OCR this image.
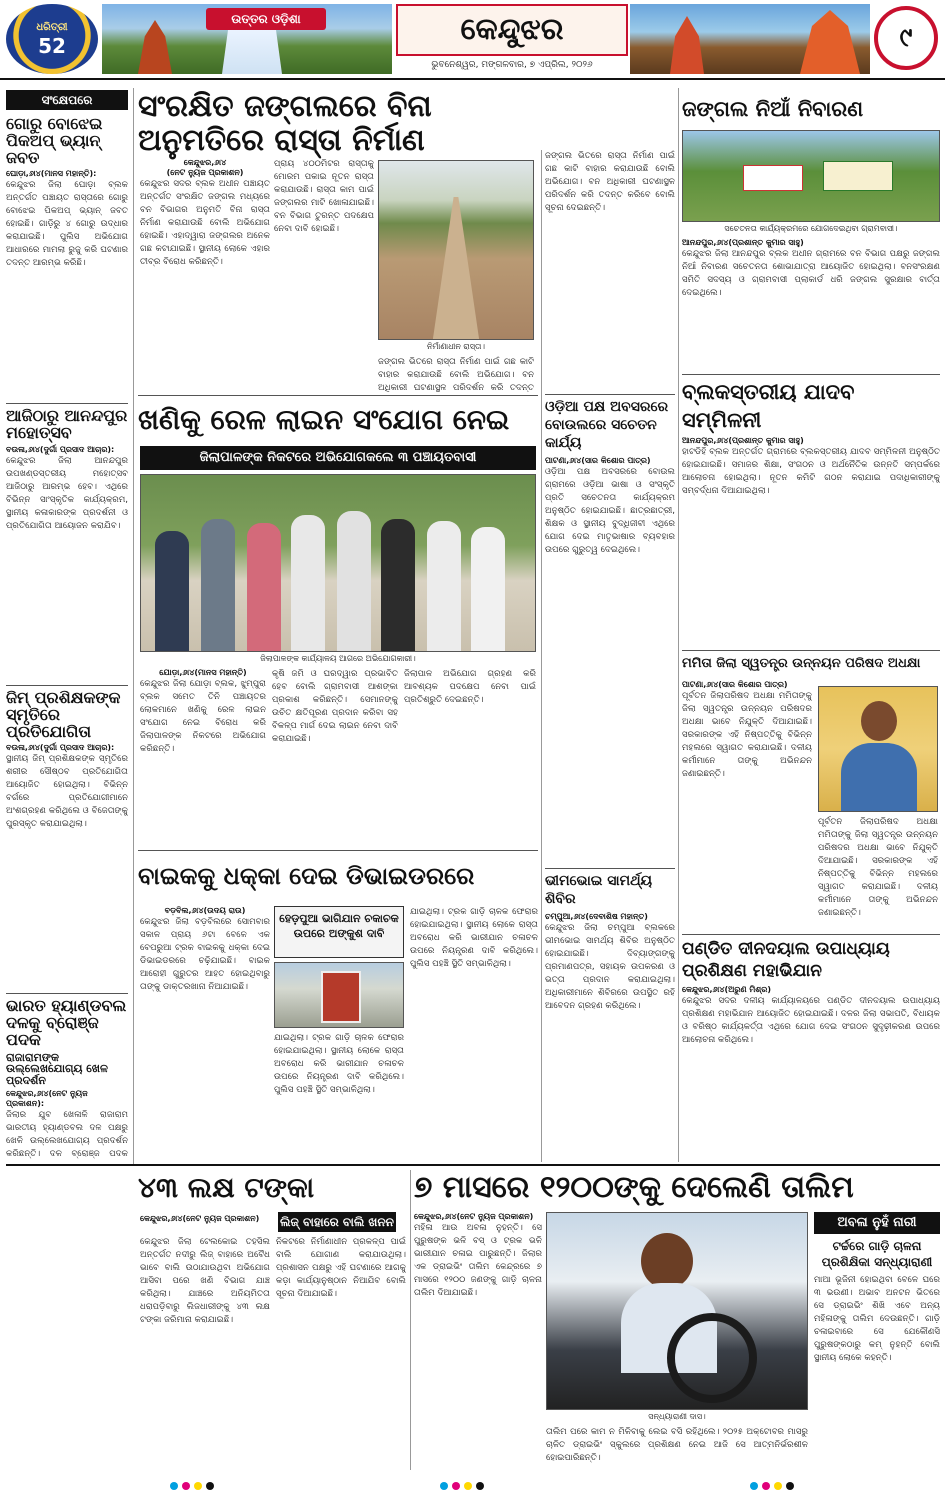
ଧରିତ୍ରୀ
52
ଉତ୍ତର ଓଡ଼ିଶା	କେନ୍ଦୁଝର
ଭୁବନେଶ୍ୱର, ମଙ୍ଗଳବାର, ୭ ଏପ୍ରିଲ, ୨୦୨୬
୯
ସଂକ୍ଷେପରେ
ଗୋରୁ ବୋଝେଇ ପିକଅପ୍ ଭ୍ୟାନ୍ ଜବତ
ଘୋଡ଼ା,୬ା୪(ମାନସ ମହାନ୍ତି):
କେନ୍ଦୁଝର ଜିଲା ଘୋଡ଼ା ବ୍ଲକ ଅନ୍ତର୍ଗତ ପଞ୍ଚାୟତ ରାସ୍ତାରେ ଗୋରୁ ବୋଝେଇ ପିକଅପ୍ ଭ୍ୟାନ୍ ଜବତ ହୋଇଛି। ଗାଡ଼ିରୁ ୪ ଗୋରୁ ଉଦ୍ଧାର କରାଯାଇଛି। ପୁଲିସ ଅଭିଯୋଗ ଆଧାରରେ ମାମଲା ରୁଜୁ କରି ଘଟଣାର ତଦନ୍ତ ଆରମ୍ଭ କରିଛି।
ଆଜିଠାରୁ ଆନନ୍ଦପୁର ମହୋତ୍ସବ
ବଉଳା,୬ା୪(ଦୁର୍ଗା ପ୍ରସାଦ ଆଚାର):
କେନ୍ଦୁଝର ଜିଲା ଆନନ୍ଦପୁର ଉପଖଣ୍ଡସ୍ତରୀୟ ମହୋତ୍ସବ ଆଜିଠାରୁ ଆରମ୍ଭ ହେବ। ଏଥିରେ ବିଭିନ୍ନ ସାଂସ୍କୃତିକ କାର୍ଯ୍ୟକ୍ରମ, ସ୍ଥାନୀୟ କଳାକାରଙ୍କ ପ୍ରଦର୍ଶନୀ ଓ ପ୍ରତିଯୋଗିତା ଆୟୋଜନ କରାଯିବ।
ଜିମ୍ ପ୍ରଶିକ୍ଷକଙ୍କ ସ୍ମୃତିରେ ପ୍ରତିଯୋଗିତା
ବଉଳା,୬ା୪(ଦୁର୍ଗା ପ୍ରସାଦ ଆଚାର):
ସ୍ଥାନୀୟ ଜିମ୍ ପ୍ରଶିକ୍ଷକଙ୍କ ସ୍ମୃତିରେ ଶରୀର ସୌଷ୍ଠବ ପ୍ରତିଯୋଗିତା ଆୟୋଜିତ ହୋଇଥିଲା। ବିଭିନ୍ନ ବର୍ଗରେ ପ୍ରତିଯୋଗୀମାନେ ଅଂଶଗ୍ରହଣ କରିଥିଲେ ଓ ବିଜେତାଙ୍କୁ ପୁରସ୍କୃତ କରାଯାଇଥିଲା।
ଭାରତ ହ୍ୟାଣ୍ଡବଲ ଦଳକୁ ବ୍ରୋଞ୍ଜ ପଦକ
ରାଜାରାମଙ୍କ ଉଲ୍ଲେଖଯୋଗ୍ୟ ଖେଳ ପ୍ରଦର୍ଶନ
କେନ୍ଦୁଝର,୬ା୪(ନେଟ ନ୍ୟୁଜ ପ୍ରକାଶନ):
ଜିଲାର ଯୁବ ଖେଳାଳି ରାଜାରାମ ଭାରତୀୟ ହ୍ୟାଣ୍ଡବଲ ଦଳ ପକ୍ଷରୁ ଖେଳି ଉଲ୍ଲେଖଯୋଗ୍ୟ ପ୍ରଦର୍ଶନ କରିଛନ୍ତି। ଦଳ ବ୍ରୋଞ୍ଜ ପଦକ
ସଂରକ୍ଷିତ ଜଙ୍ଗଲରେ ବିନା ଅନୁମତିରେ ରାସ୍ତା ନିର୍ମାଣ
କେନ୍ଦୁଝର,୬ା୪
(ନେଟ ନ୍ୟୁଜ ପ୍ରକାଶନ)
କେନ୍ଦୁଝର ସଦର ବ୍ଲକ ଅଧୀନ ପଞ୍ଚାୟତ ଅନ୍ତର୍ଗତ ସଂରକ୍ଷିତ ଜଙ୍ଗଲ ମଧ୍ୟରେ ବନ ବିଭାଗର ଅନୁମତି ବିନା ରାସ୍ତା ନିର୍ମାଣ କରାଯାଉଛି ବୋଲି ଅଭିଯୋଗ ହୋଇଛି। ଏହାଦ୍ୱାରା ଜଙ୍ଗଲର ଅନେକ ଗଛ କଟାଯାଇଛି। ସ୍ଥାନୀୟ ଲୋକେ ଏହାର ତୀବ୍ର ବିରୋଧ କରିଛନ୍ତି।
ପ୍ରାୟ ୪୦୦ମିଟର ରାସ୍ତାକୁ ମୋରମ ପକାଇ ନୂତନ ରାସ୍ତା କରାଯାଉଛି। ରାସ୍ତା କାମ ପାଇଁ ଜଙ୍ଗଲର ମାଟି ଖୋଳାଯାଇଛି। ବନ ବିଭାଗ ତୁରନ୍ତ ପଦକ୍ଷେପ ନେବା ଦାବି ହୋଇଛି।
ନିର୍ମାଣାଧୀନ ରାସ୍ତା।
ଜଙ୍ଗଲ ଭିତରେ ରାସ୍ତା ନିର୍ମାଣ ପାଇଁ ଗଛ କାଟି ବାହାର କରାଯାଉଛି ବୋଲି ଅଭିଯୋଗ। ବନ ଅଧିକାରୀ ଘଟଣାସ୍ଥଳ ପରିଦର୍ଶନ କରି ତଦନ୍ତ
ଖଣିକୁ ରେଳ ଲାଇନ ସଂଯୋଗ ନେଇ
ଜିଲାପାଳଙ୍କ ନିକଟରେ ଅଭିଯୋଗକଲେ ୩ ପଞ୍ଚାୟତବାସୀ
ଜିଲାପାଳଙ୍କ କାର୍ଯ୍ୟାଳୟ ଆଗରେ ଅଭିଯୋଗକାରୀ।
ଯୋଡ଼ା,୬ା୪(ମାନସ ମହାନ୍ତି)
କେନ୍ଦୁଝର ଜିଲା ଯୋଡ଼ା ବ୍ଲକ, ଝୁମ୍ପୁରା ବ୍ଲକ ସମେତ ତିନି ପଞ୍ଚାୟତର ଲୋକମାନେ ଖଣିକୁ ରେଳ ଲାଇନ ସଂଯୋଗ ନେଇ ବିରୋଧ କରି ଜିଲାପାଳଙ୍କ ନିକଟରେ ଅଭିଯୋଗ କରିଛନ୍ତି।
କୃଷି ଜମି ଓ ଘରଦ୍ୱାର ପ୍ରଭାବିତ ହେବ ବୋଲି ଗ୍ରାମବାସୀ ଆଶଙ୍କା ପ୍ରକାଶ କରିଛନ୍ତି। ସେମାନଙ୍କୁ ଉଚିତ କ୍ଷତିପୂରଣ ପ୍ରଦାନ କରିବା ସହ ବିକଳ୍ପ ମାର୍ଗ ଦେଇ ଲାଇନ ନେବା ଦାବି କରାଯାଇଛି।
ଜିଲାପାଳ ଅଭିଯୋଗ ଗ୍ରହଣ କରି ଆବଶ୍ୟକ ପଦକ୍ଷେପ ନେବା ପାଇଁ ପ୍ରତିଶ୍ରୁତି ଦେଇଛନ୍ତି।
ବାଇକକୁ ଧକ୍କା ଦେଇ ଡିଭାଇଡରରେ
ବଡ଼ବିଲ,୬ା୪(ଉଦୟ ରାଉ)
କେନ୍ଦୁଝର ଜିଲା ବଡ଼ବିଲରେ ସୋମବାର ସକାଳ ପ୍ରାୟ ୬ଟା ବେଳେ ଏକ ବେପରୁଆ ଟ୍ରକ ବାଇକକୁ ଧକ୍କା ଦେଇ ଡିଭାଇଡରରେ ଚଢ଼ିଯାଇଛି। ବାଇକ ଆରୋହୀ ଗୁରୁତର ଆହତ ହୋଇଥିବାରୁ ତାଙ୍କୁ ଡାକ୍ତରଖାନା ନିଆଯାଇଛି।
ହେଡ଼ପୁଆ ଭାଗିଯାନ ଚକାଚକ ଉପରେ ଅଙ୍କୁଶ ଦାବି
ଯାଇଥିଲା। ଟ୍ରକ ଗାଡ଼ି ଚାଳକ ଫେରାର ହୋଇଯାଇଥିଲା। ସ୍ଥାନୀୟ ଲୋକେ ରାସ୍ତା ଅବରୋଧ କରି ଭାରୀଯାନ ଚଳାଚଳ ଉପରେ ନିୟନ୍ତ୍ରଣ ଦାବି କରିଥିଲେ। ପୁଲିସ ପହଞ୍ଚି ସ୍ଥିତି ସମ୍ଭାଳିଥିଲା।
ଜଙ୍ଗଲ ଭିତରେ ରାସ୍ତା ନିର୍ମାଣ ପାଇଁ ଗଛ କାଟି ବାହାର କରାଯାଉଛି ବୋଲି ଅଭିଯୋଗ। ବନ ଅଧିକାରୀ ଘଟଣାସ୍ଥଳ ପରିଦର୍ଶନ କରି ତଦନ୍ତ କରିବେ ବୋଲି ସୂଚନା ଦେଇଛନ୍ତି।
ଓଡ଼ିଆ ପକ୍ଷ ଅବସରରେ ବୋଉଲରେ ସଚେତନ କାର୍ଯ୍ୟ
ପାଟଣା,୬ା୪(ସାର କିଶୋର ପାତ୍ର)
ଓଡ଼ିଆ ପକ୍ଷ ଅବସରରେ ବୋଉଲ ଗ୍ରାମରେ ଓଡ଼ିଆ ଭାଷା ଓ ସଂସ୍କୃତି ପ୍ରତି ସଚେତନତା କାର୍ଯ୍ୟକ୍ରମ ଅନୁଷ୍ଠିତ ହୋଇଯାଇଛି। ଛାତ୍ରଛାତ୍ରୀ, ଶିକ୍ଷକ ଓ ସ୍ଥାନୀୟ ବୁଦ୍ଧିଜୀବୀ ଏଥିରେ ଯୋଗ ଦେଇ ମାତୃଭାଷାର ବ୍ୟବହାର ଉପରେ ଗୁରୁତ୍ୱ ଦେଇଥିଲେ।
ଯାଇଥିଲା। ଟ୍ରକ ଗାଡ଼ି ଚାଳକ ଫେରାର ହୋଇଯାଇଥିଲା। ସ୍ଥାନୀୟ ଲୋକେ ରାସ୍ତା ଅବରୋଧ କରି ଭାରୀଯାନ ଚଳାଚଳ ଉପରେ ନିୟନ୍ତ୍ରଣ ଦାବି କରିଥିଲେ। ପୁଲିସ ପହଞ୍ଚି ସ୍ଥିତି ସମ୍ଭାଳିଥିଲା।
ଭୀମଭୋଇ ସାମର୍ଥ୍ୟ ଶିବିର
ଚମ୍ପୁଆ,୬ା୪(ଦେବାଶିଷ ମହାନ୍ତ)
କେନ୍ଦୁଝର ଜିଲା ଚମ୍ପୁଆ ବ୍ଲକରେ ଭୀମଭୋଇ ସାମର୍ଥ୍ୟ ଶିବିର ଅନୁଷ୍ଠିତ ହୋଇଯାଇଛି। ଦିବ୍ୟାଙ୍ଗଙ୍କୁ ପ୍ରମାଣପତ୍ର, ସହାୟକ ଉପକରଣ ଓ ଭତ୍ତା ପ୍ରଦାନ କରାଯାଇଥିଲା। ଅଧିକାରୀମାନେ ଶିବିରରେ ଉପସ୍ଥିତ ରହି ଆବେଦନ ଗ୍ରହଣ କରିଥିଲେ।
ଜଙ୍ଗଲ ନିଆଁ ନିବାରଣ
ସଚେତନତା କାର୍ଯ୍ୟକ୍ରମରେ ଯୋଗଦେଇଥିବା ଗ୍ରାମବାସୀ।
ଆନନ୍ଦପୁର,୬ା୪(ପ୍ରଶାନ୍ତ କୁମାର ସାହୁ)
କେନ୍ଦୁଝର ଜିଲା ଆନନ୍ଦପୁର ବ୍ଲକ ଅଧୀନ ଗ୍ରାମରେ ବନ ବିଭାଗ ପକ୍ଷରୁ ଜଙ୍ଗଲ ନିଆଁ ନିବାରଣ ସଚେତନତା ଶୋଭାଯାତ୍ରା ଆୟୋଜିତ ହୋଇଥିଲା। ବନସଂରକ୍ଷଣ ସମିତି ସଦସ୍ୟ ଓ ଗ୍ରାମବାସୀ ପ୍ଲାକାର୍ଡ ଧରି ଜଙ୍ଗଲ ସୁରକ୍ଷାର ବାର୍ତ୍ତା ଦେଇଥିଲେ।
ବ୍ଲକସ୍ତରୀୟ ଯାଦବ ସମ୍ମିଳନୀ
ଆନନ୍ଦପୁର,୬ା୪(ପ୍ରଶାନ୍ତ କୁମାର ସାହୁ)
ହାଟଡିହି ବ୍ଲକ ଅନ୍ତର୍ଗତ ଗ୍ରାମରେ ବ୍ଲକସ୍ତରୀୟ ଯାଦବ ସମ୍ମିଳନୀ ଅନୁଷ୍ଠିତ ହୋଇଯାଇଛି। ସମାଜର ଶିକ୍ଷା, ସଂଗଠନ ଓ ଅର୍ଥନୈତିକ ଉନ୍ନତି ସମ୍ପର୍କରେ ଆଲୋଚନା ହୋଇଥିଲା। ନୂତନ କମିଟି ଗଠନ କରାଯାଇ ପଦାଧିକାରୀଙ୍କୁ ସମ୍ବର୍ଦ୍ଧନା ଦିଆଯାଇଥିଲା।
ମମିତା ଜିଲା ସ୍ୱତନ୍ତ୍ର ଉନ୍ନୟନ ପରିଷଦ ଅଧକ୍ଷା
ପାଟଣା,୬ା୪(ସାର କିଶୋର ପାତ୍ର)
ପୂର୍ବତନ ଜିଲାପରିଷଦ ଅଧକ୍ଷା ମମିତାଙ୍କୁ ଜିଲା ସ୍ୱତନ୍ତ୍ର ଉନ୍ନୟନ ପରିଷଦର ଅଧକ୍ଷା ଭାବେ ନିଯୁକ୍ତି ଦିଆଯାଇଛି। ସରକାରଙ୍କ ଏହି ନିଷ୍ପତ୍ତିକୁ ବିଭିନ୍ନ ମହଲରେ ସ୍ୱାଗତ କରାଯାଇଛି। ଦଳୀୟ କର୍ମୀମାନେ ତାଙ୍କୁ ଅଭିନନ୍ଦନ ଜଣାଇଛନ୍ତି।
ପୂର୍ବତନ ଜିଲାପରିଷଦ ଅଧକ୍ଷା ମମିତାଙ୍କୁ ଜିଲା ସ୍ୱତନ୍ତ୍ର ଉନ୍ନୟନ ପରିଷଦର ଅଧକ୍ଷା ଭାବେ ନିଯୁକ୍ତି ଦିଆଯାଇଛି। ସରକାରଙ୍କ ଏହି ନିଷ୍ପତ୍ତିକୁ ବିଭିନ୍ନ ମହଲରେ ସ୍ୱାଗତ କରାଯାଇଛି। ଦଳୀୟ କର୍ମୀମାନେ ତାଙ୍କୁ ଅଭିନନ୍ଦନ ଜଣାଇଛନ୍ତି।
ପଣ୍ଡିତ ଦୀନଦୟାଲ ଉପାଧ୍ୟାୟ ପ୍ରଶିକ୍ଷଣ ମହାଭିଯାନ
କେନ୍ଦୁଝର,୬ା୪(ଅରୁଣ ମିଶ୍ର)
କେନ୍ଦୁଝର ସଦର ଦଳୀୟ କାର୍ଯ୍ୟାଳୟରେ ପଣ୍ଡିତ ଦୀନଦୟାଲ ଉପାଧ୍ୟାୟ ପ୍ରଶିକ୍ଷଣ ମହାଭିଯାନ ଆୟୋଜିତ ହୋଇଯାଇଛି। ଦଳର ଜିଲା ସଭାପତି, ବିଧାୟକ ଓ ବରିଷ୍ଠ କାର୍ଯ୍ୟକର୍ତ୍ତା ଏଥିରେ ଯୋଗ ଦେଇ ସଂଗଠନ ସୁଦୃଢ଼ୀକରଣ ଉପରେ ଆଲୋଚନା କରିଥିଲେ।
୪୩ ଲକ୍ଷ ଟଙ୍କା
କେନ୍ଦୁଝର,୬ା୪(ନେଟ ନ୍ୟୁଜ ପ୍ରକାଶନ)	ଲିଜ୍ ବାହାରେ ବାଲି ଖନନ
କେନ୍ଦୁଝର ଜିଲା ଟେଲକୋଇ ତହସିଲ ଅନ୍ତର୍ଗତ ନଦୀରୁ ଲିଜ୍ ବାହାରେ ଅବୈଧ ଭାବେ ବାଲି ଉଠାଯାଉଥିବା ଅଭିଯୋଗ ଆସିବା ପରେ ଖଣି ବିଭାଗ ଯାଞ୍ଚ କରିଥିଲା। ଯାଞ୍ଚରେ ଅନିୟମିତତା ଧରାପଡ଼ିବାରୁ ଲିଜଧାରୀଙ୍କୁ ୪୩ ଲକ୍ଷ ଟଙ୍କା ଜରିମାନା କରାଯାଇଛି।
ନିକଟରେ ନିର୍ମାଣାଧୀନ ପ୍ରକଳ୍ପ ପାଇଁ ବାଲି ଯୋଗାଣ କରାଯାଉଥିଲା। ପ୍ରଶାସନ ପକ୍ଷରୁ ଏହି ଘଟଣାରେ ଆଗକୁ କଡ଼ା କାର୍ଯ୍ୟାନୁଷ୍ଠାନ ନିଆଯିବ ବୋଲି ସୂଚନା ଦିଆଯାଇଛି।
୭ ମାସରେ ୧୨୦୦ଙ୍କୁ ଦେଲେଣି ତାଲିମ
କେନ୍ଦୁଝର,୬ା୪(ନେଟ ନ୍ୟୁଜ ପ୍ରକାଶନ)
ମହିଳା ଆଉ ଅବଳା ନୁହନ୍ତି। ସେ ପୁରୁଷଙ୍କ ଭଳି ବସ୍ ଓ ଟ୍ରକ ଭଳି ଭାରୀଯାନ ଚଳାଇ ପାରୁଛନ୍ତି। ଜିଲାର ଏକ ଡ୍ରାଇଭିଂ ତାଲିମ କେନ୍ଦ୍ରରେ ୭ ମାସରେ ୧୨୦୦ ଜଣଙ୍କୁ ଗାଡ଼ି ଚାଳନା ତାଲିମ ଦିଆଯାଇଛି।
ସନ୍ଧ୍ୟାରାଣୀ ଦାସ।
ତାଲିମ ପରେ କାମ ନ ମିଳିବାକୁ ଲେଇ ବସି ରହିଥିଲେ। ୨୦୨୫ ଅକ୍ଟୋବର ମାସରୁ ଚାଳିତ ଡ୍ରାଇଭିଂ ସ୍କୁଲରେ ପ୍ରଶିକ୍ଷଣ ନେଇ ଆଜି ସେ ଆତ୍ମନିର୍ଭରଶୀଳ ହୋଇପାରିଛନ୍ତି।
ଅବଳା ନୁହଁ ନାରୀ
ଟର୍ଚ୍ଚରେ ଗାଡ଼ି ଚାଳନା ପ୍ରଶିକ୍ଷିକା ସନ୍ଧ୍ୟାରାଣୀ
ମାଆ ଭୂଜିନୀ ହୋଇଥିବା ବେଳେ ଘରେ ୩ ଭଉଣୀ। ଅଭାବ ଅନଟନ ଭିତରେ ସେ ଡ୍ରାଇଭିଂ ଶିଖି ଏବେ ଅନ୍ୟ ମହିଳାଙ୍କୁ ତାଲିମ ଦେଉଛନ୍ତି। ଗାଡ଼ି ଚଳାଇବାରେ ସେ ଯେକୌଣସି ପୁରୁଷଙ୍କଠାରୁ କମ୍ ନୁହନ୍ତି ବୋଲି ସ୍ଥାନୀୟ ଲୋକେ କହନ୍ତି।
